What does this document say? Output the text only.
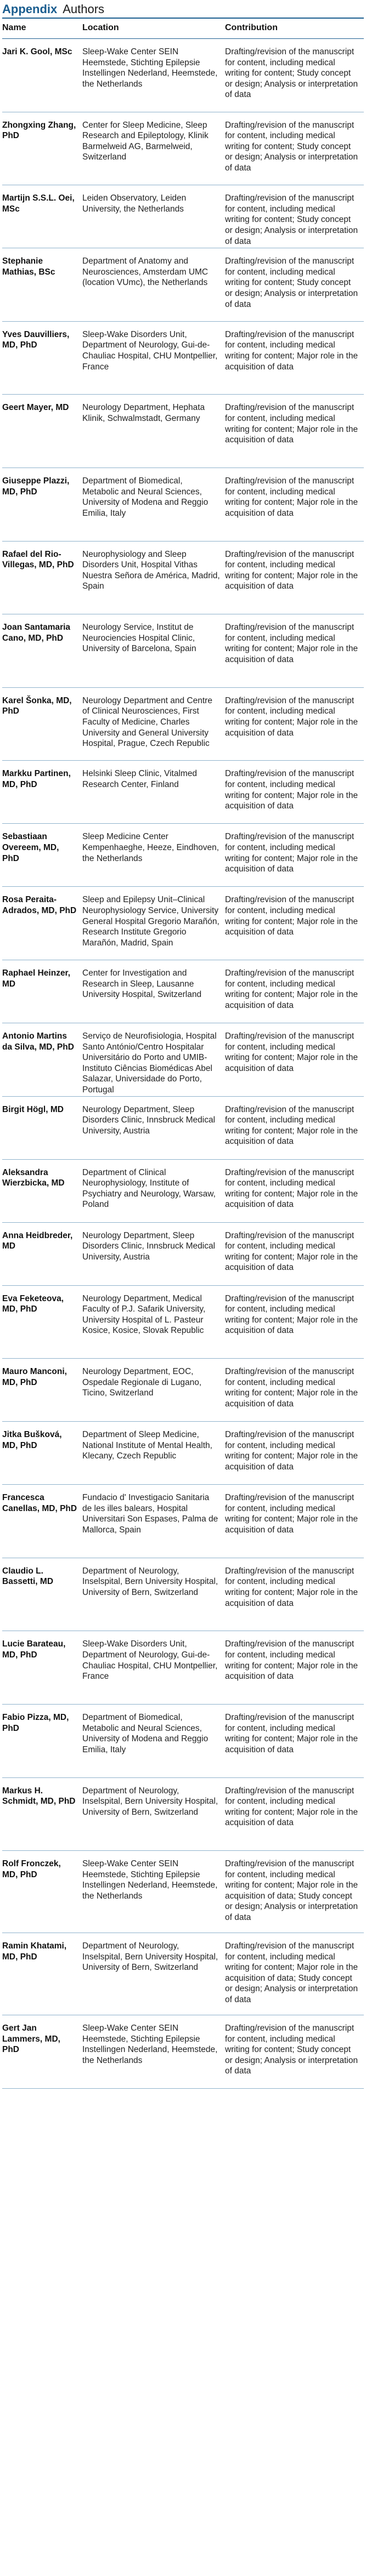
Appendix Authors
Name	Location	Contribution
Jari K. Gool, MSc	Sleep-Wake Center SEIN Heemstede, Stichting Epilepsie Instellingen Nederland, Heemstede, the Netherlands	Drafting/revision of the manuscript for content, including medical writing for content; Study concept or design; Analysis or interpretation of data
Zhongxing Zhang, PhD	Center for Sleep Medicine, Sleep Research and Epileptology, Klinik Barmelweid AG, Barmelweid, Switzerland	Drafting/revision of the manuscript for content, including medical writing for content; Study concept or design; Analysis or interpretation of data
Martijn S.S.L. Oei, MSc	Leiden Observatory, Leiden University, the Netherlands	Drafting/revision of the manuscript for content, including medical writing for content; Study concept or design; Analysis or interpretation of data
Stephanie Mathias, BSc	Department of Anatomy and Neurosciences, Amsterdam UMC (location VUmc), the Netherlands	Drafting/revision of the manuscript for content, including medical writing for content; Study concept or design; Analysis or interpretation of data
Yves Dauvilliers, MD, PhD	Sleep-Wake Disorders Unit, Department of Neurology, Gui-de-Chauliac Hospital, CHU Montpellier, France	Drafting/revision of the manuscript for content, including medical writing for content; Major role in the acquisition of data
Geert Mayer, MD	Neurology Department, Hephata Klinik, Schwalmstadt, Germany	Drafting/revision of the manuscript for content, including medical writing for content; Major role in the acquisition of data
Giuseppe Plazzi, MD, PhD	Department of Biomedical, Metabolic and Neural Sciences, University of Modena and Reggio Emilia, Italy	Drafting/revision of the manuscript for content, including medical writing for content; Major role in the acquisition of data
Rafael del Rio-Villegas, MD, PhD	Neurophysiology and Sleep Disorders Unit, Hospital Vithas Nuestra Señora de América, Madrid, Spain	Drafting/revision of the manuscript for content, including medical writing for content; Major role in the acquisition of data
Joan Santamaria Cano, MD, PhD	Neurology Service, Institut de Neurociencies Hospital Clinic, University of Barcelona, Spain	Drafting/revision of the manuscript for content, including medical writing for content; Major role in the acquisition of data
Karel Šonka, MD, PhD	Neurology Department and Centre of Clinical Neurosciences, First Faculty of Medicine, Charles University and General University Hospital, Prague, Czech Republic	Drafting/revision of the manuscript for content, including medical writing for content; Major role in the acquisition of data
Markku Partinen, MD, PhD	Helsinki Sleep Clinic, Vitalmed Research Center, Finland	Drafting/revision of the manuscript for content, including medical writing for content; Major role in the acquisition of data
Sebastiaan Overeem, MD, PhD	Sleep Medicine Center Kempenhaeghe, Heeze, Eindhoven, the Netherlands	Drafting/revision of the manuscript for content, including medical writing for content; Major role in the acquisition of data
Rosa Peraita-Adrados, MD, PhD	Sleep and Epilepsy Unit–Clinical Neurophysiology Service, University General Hospital Gregorio Marañón, Research Institute Gregorio Marañón, Madrid, Spain	Drafting/revision of the manuscript for content, including medical writing for content; Major role in the acquisition of data
Raphael Heinzer, MD	Center for Investigation and Research in Sleep, Lausanne University Hospital, Switzerland	Drafting/revision of the manuscript for content, including medical writing for content; Major role in the acquisition of data
Antonio Martins da Silva, MD, PhD	Serviço de Neurofisiologia, Hospital Santo António/Centro Hospitalar Universitário do Porto and UMIB-Instituto Ciências Biomédicas Abel Salazar, Universidade do Porto, Portugal	Drafting/revision of the manuscript for content, including medical writing for content; Major role in the acquisition of data
Birgit Högl, MD	Neurology Department, Sleep Disorders Clinic, Innsbruck Medical University, Austria	Drafting/revision of the manuscript for content, including medical writing for content; Major role in the acquisition of data
Aleksandra Wierzbicka, MD	Department of Clinical Neurophysiology, Institute of Psychiatry and Neurology, Warsaw, Poland	Drafting/revision of the manuscript for content, including medical writing for content; Major role in the acquisition of data
Anna Heidbreder, MD	Neurology Department, Sleep Disorders Clinic, Innsbruck Medical University, Austria	Drafting/revision of the manuscript for content, including medical writing for content; Major role in the acquisition of data
Eva Feketeova, MD, PhD	Neurology Department, Medical Faculty of P.J. Safarik University, University Hospital of L. Pasteur Kosice, Kosice, Slovak Republic	Drafting/revision of the manuscript for content, including medical writing for content; Major role in the acquisition of data
Mauro Manconi, MD, PhD	Neurology Department, EOC, Ospedale Regionale di Lugano, Ticino, Switzerland	Drafting/revision of the manuscript for content, including medical writing for content; Major role in the acquisition of data
Jitka Bušková, MD, PhD	Department of Sleep Medicine, National Institute of Mental Health, Klecany, Czech Republic	Drafting/revision of the manuscript for content, including medical writing for content; Major role in the acquisition of data
Francesca Canellas, MD, PhD	Fundacio d' Investigacio Sanitaria de les illes balears, Hospital Universitari Son Espases, Palma de Mallorca, Spain	Drafting/revision of the manuscript for content, including medical writing for content; Major role in the acquisition of data
Claudio L. Bassetti, MD	Department of Neurology, Inselspital, Bern University Hospital, University of Bern, Switzerland	Drafting/revision of the manuscript for content, including medical writing for content; Major role in the acquisition of data
Lucie Barateau, MD, PhD	Sleep-Wake Disorders Unit, Department of Neurology, Gui-de-Chauliac Hospital, CHU Montpellier, France	Drafting/revision of the manuscript for content, including medical writing for content; Major role in the acquisition of data
Fabio Pizza, MD, PhD	Department of Biomedical, Metabolic and Neural Sciences, University of Modena and Reggio Emilia, Italy	Drafting/revision of the manuscript for content, including medical writing for content; Major role in the acquisition of data
Markus H. Schmidt, MD, PhD	Department of Neurology, Inselspital, Bern University Hospital, University of Bern, Switzerland	Drafting/revision of the manuscript for content, including medical writing for content; Major role in the acquisition of data
Rolf Fronczek, MD, PhD	Sleep-Wake Center SEIN Heemstede, Stichting Epilepsie Instellingen Nederland, Heemstede, the Netherlands	Drafting/revision of the manuscript for content, including medical writing for content; Major role in the acquisition of data; Study concept or design; Analysis or interpretation of data
Ramin Khatami, MD, PhD	Department of Neurology, Inselspital, Bern University Hospital, University of Bern, Switzerland	Drafting/revision of the manuscript for content, including medical writing for content; Major role in the acquisition of data; Study concept or design; Analysis or interpretation of data
Gert Jan Lammers, MD, PhD	Sleep-Wake Center SEIN Heemstede, Stichting Epilepsie Instellingen Nederland, Heemstede, the Netherlands	Drafting/revision of the manuscript for content, including medical writing for content; Study concept or design; Analysis or interpretation of data
